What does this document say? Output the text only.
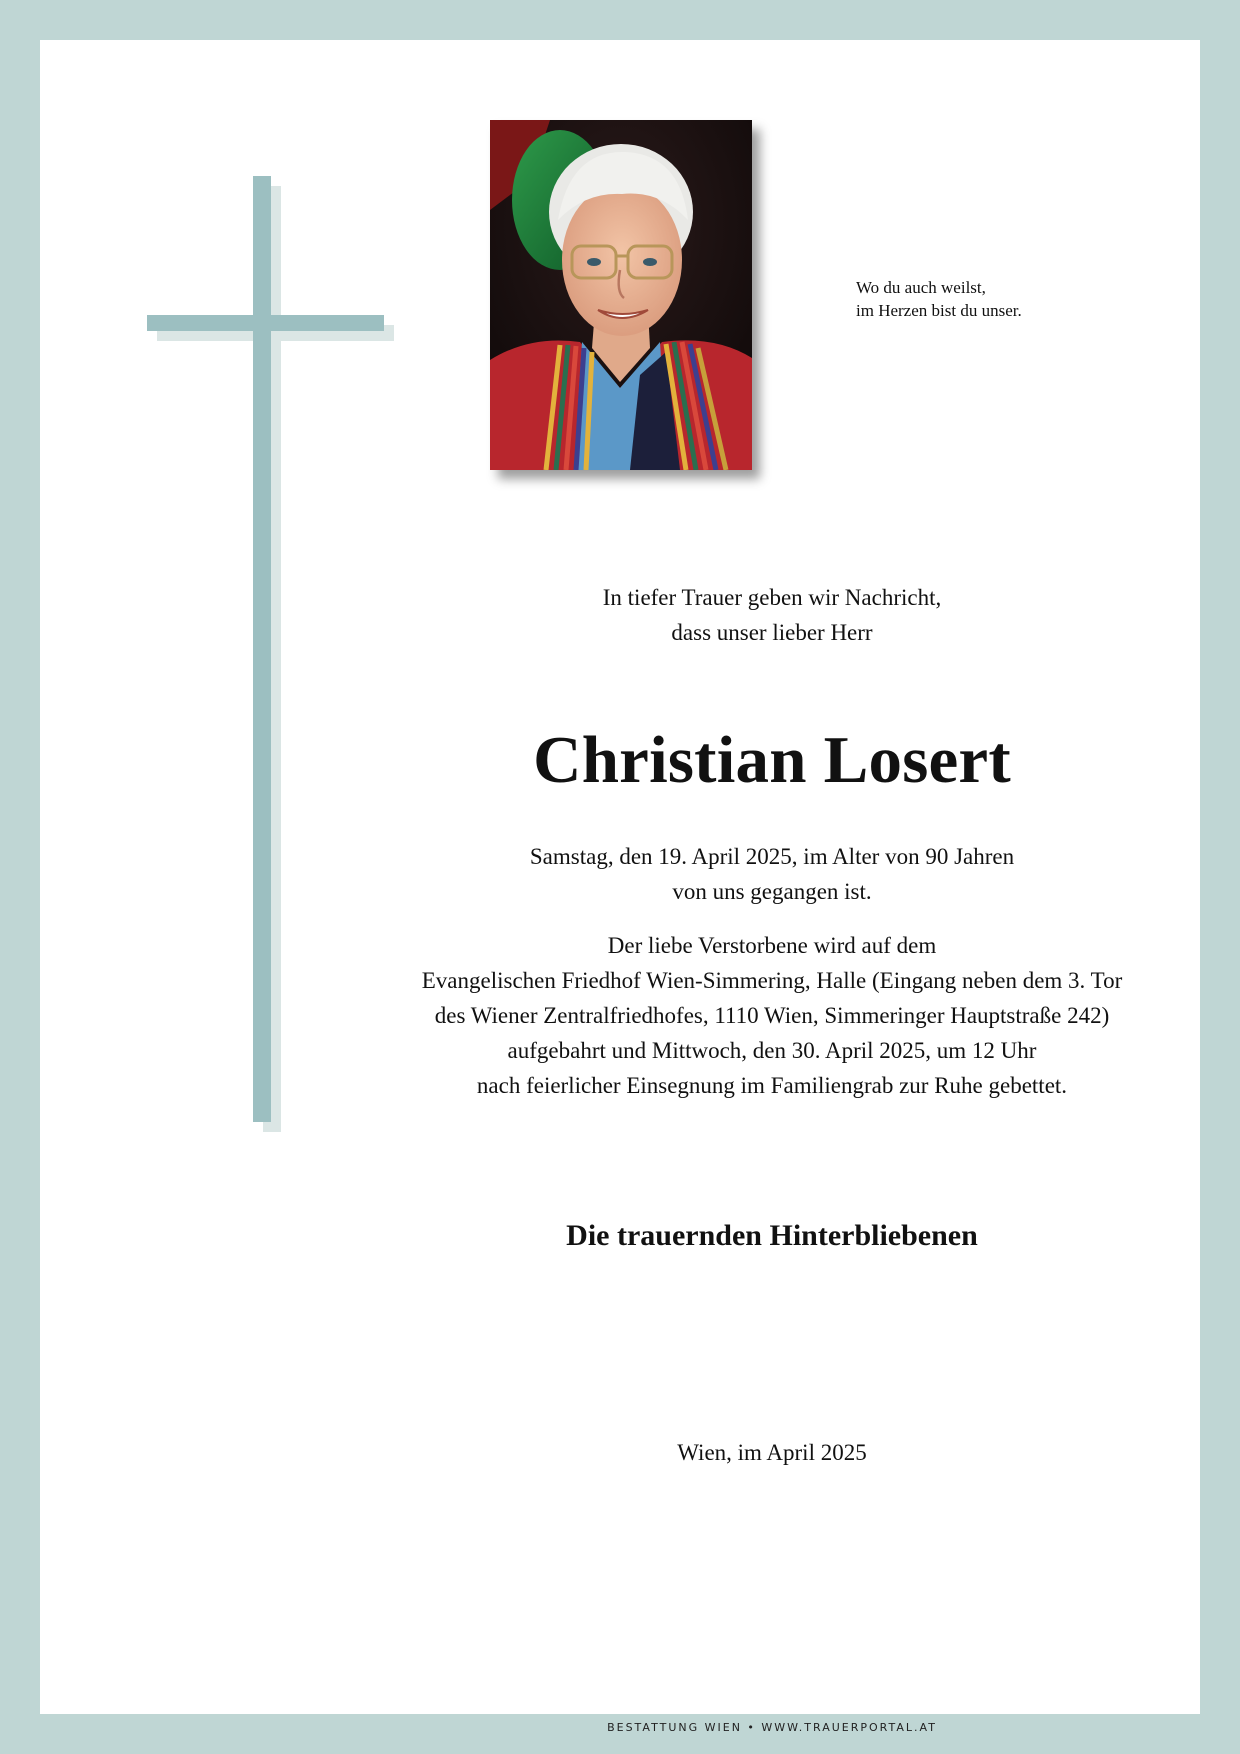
Wo du auch weilst,
im Herzen bist du unser.
In tiefer Trauer geben wir Nachricht,
dass unser lieber Herr
Christian Losert
Samstag, den 19. April 2025, im Alter von 90 Jahren
von uns gegangen ist.
Der liebe Verstorbene wird auf dem
Evangelischen Friedhof Wien-Simmering, Halle (Eingang neben dem 3. Tor
des Wiener Zentralfriedhofes, 1110 Wien, Simmeringer Hauptstraße 242)
aufgebahrt und Mittwoch, den 30. April 2025, um 12 Uhr
nach feierlicher Einsegnung im Familiengrab zur Ruhe gebettet.
Die trauernden Hinterbliebenen
Wien, im April 2025
BESTATTUNG WIEN • WWW.TRAUERPORTAL.AT
